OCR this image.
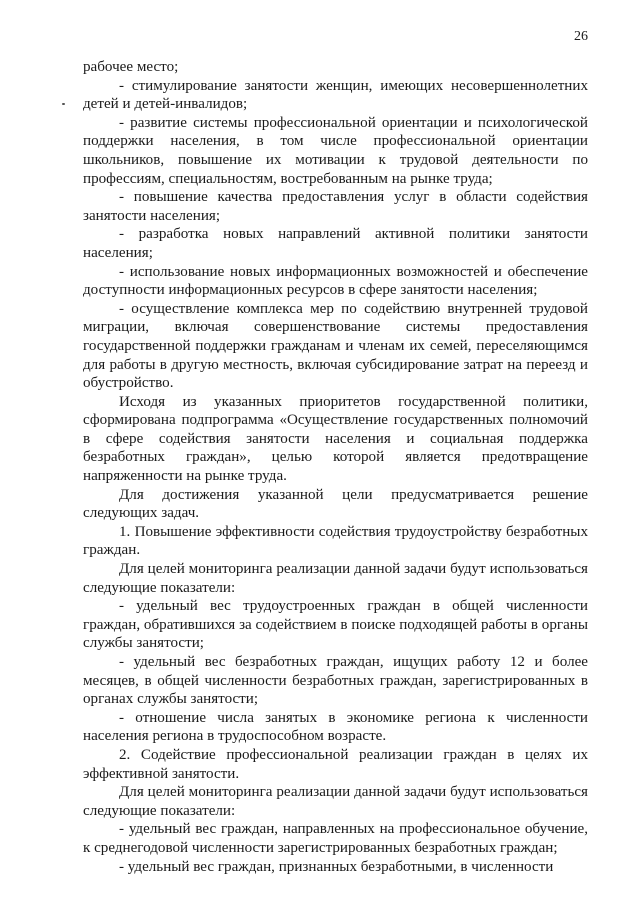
26

рабочее место;

- стимулирование занятости женщин, имеющих несовершеннолетних детей и детей-инвалидов;

- развитие системы профессиональной ориентации и психологической поддержки населения, в том числе профессиональной ориентации школьников, повышение их мотивации к трудовой деятельности по профессиям, специальностям, востребованным на рынке труда;

- повышение качества предоставления услуг в области содействия занятости населения;

- разработка новых направлений активной политики занятости населения;

- использование новых информационных возможностей и обеспечение доступности информационных ресурсов в сфере занятости населения;

- осуществление комплекса мер по содействию внутренней трудовой миграции, включая совершенствование системы предоставления государственной поддержки гражданам и членам их семей, переселяющимся для работы в другую местность, включая субсидирование затрат на переезд и обустройство.

Исходя из указанных приоритетов государственной политики, сформирована подпрограмма «Осуществление государственных полномочий в сфере содействия занятости населения и социальная поддержка безработных граждан», целью которой является предотвращение напряженности на рынке труда.

Для достижения указанной цели предусматривается решение следующих задач.

1. Повышение эффективности содействия трудоустройству безработных граждан.

Для целей мониторинга реализации данной задачи будут использоваться следующие показатели:

- удельный вес трудоустроенных граждан в общей численности граждан, обратившихся за содействием в поиске подходящей работы в органы службы занятости;

- удельный вес безработных граждан, ищущих работу 12 и более месяцев, в общей численности безработных граждан, зарегистрированных в органах службы занятости;

- отношение числа занятых в экономике региона к численности населения региона в трудоспособном возрасте.

2. Содействие профессиональной реализации граждан в целях их эффективной занятости.

Для целей мониторинга реализации данной задачи будут использоваться следующие показатели:

- удельный вес граждан, направленных на профессиональное обучение, к среднегодовой численности зарегистрированных безработных граждан;

- удельный вес граждан, признанных безработными, в численности
